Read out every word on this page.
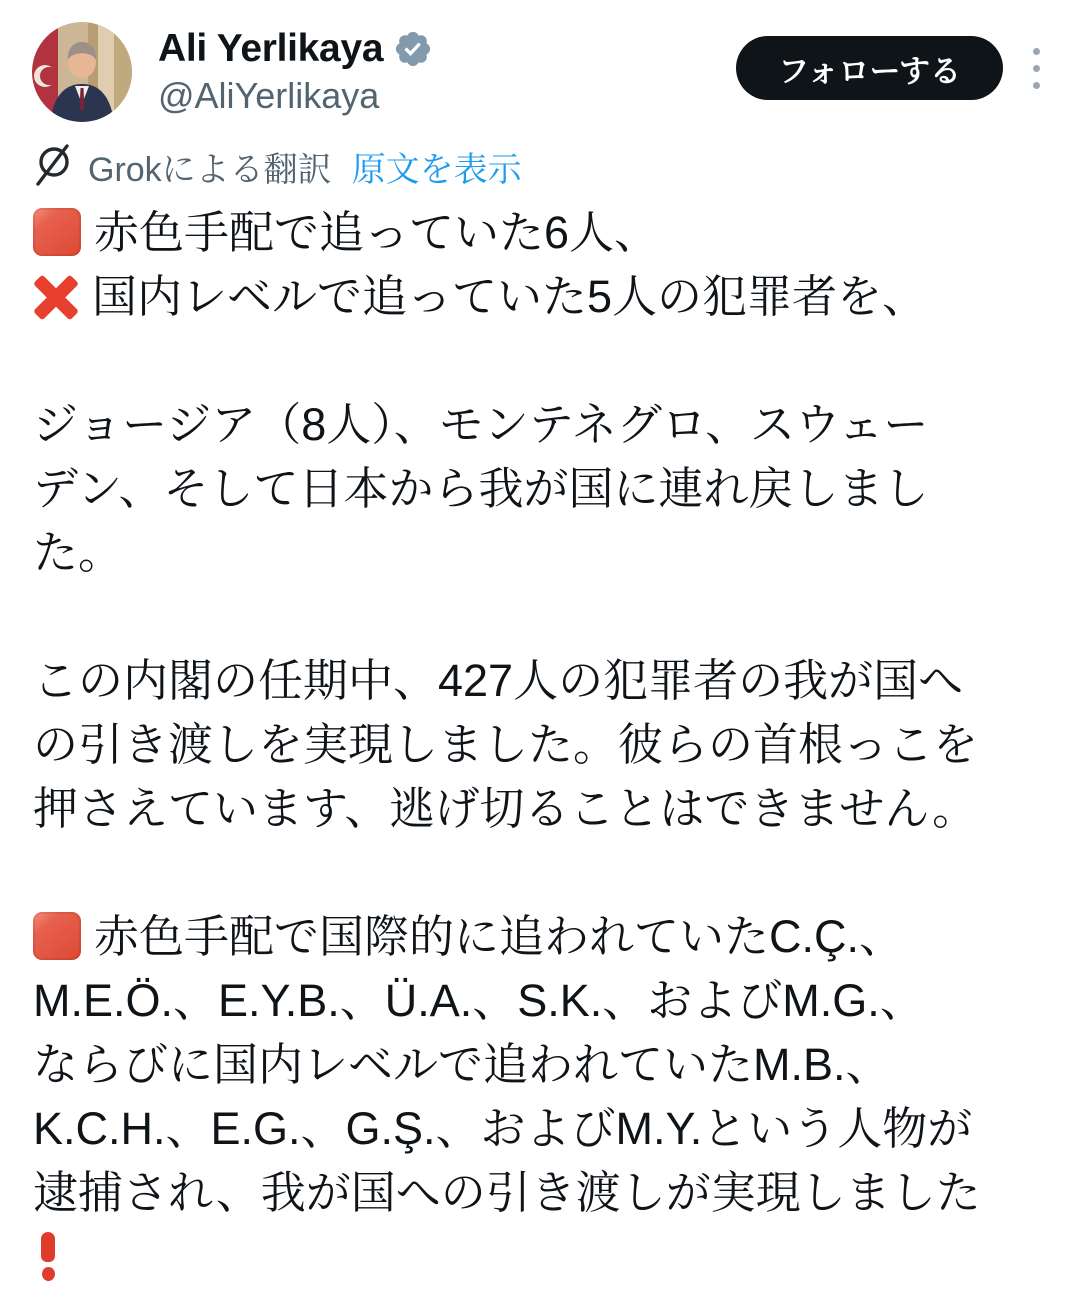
Ali Yerlikaya
@AliYerlikaya
フォローする
Grokによる翻訳 原文を表示
赤色手配で追っていた6人、
国内レベルで追っていた5人の犯罪者を、
ジョージア（8人）、モンテネグロ、スウェー
デン、そして日本から我が国に連れ戻しまし
た。
この内閣の任期中、427人の犯罪者の我が国へ
の引き渡しを実現しました。彼らの首根っこを
押さえています、逃げ切ることはできません。
赤色手配で国際的に追われていたC.Ç.、
M.E.Ö.、E.Y.B.、Ü.A.、S.K.、およびM.G.、
ならびに国内レベルで追われていたM.B.、
K.C.H.、E.G.、G.Ş.、およびM.Y.という人物が
逮捕され、我が国への引き渡しが実現しました
